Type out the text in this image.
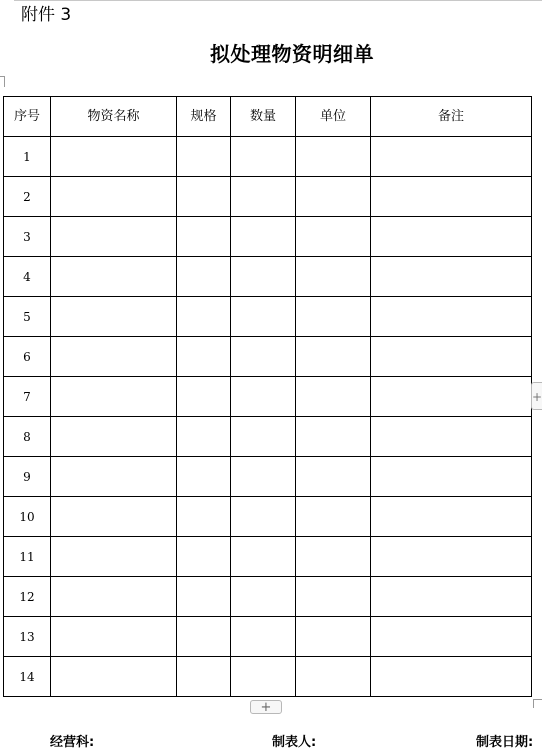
附件 3
拟处理物资明细单
序号	物资名称	规格	数量	单位	备注
1					
2					
3					
4					
5					
6					
7					
8					
9					
10					
11					
12					
13					
14					
+
+
经营科:	制表人:	制表日期:
